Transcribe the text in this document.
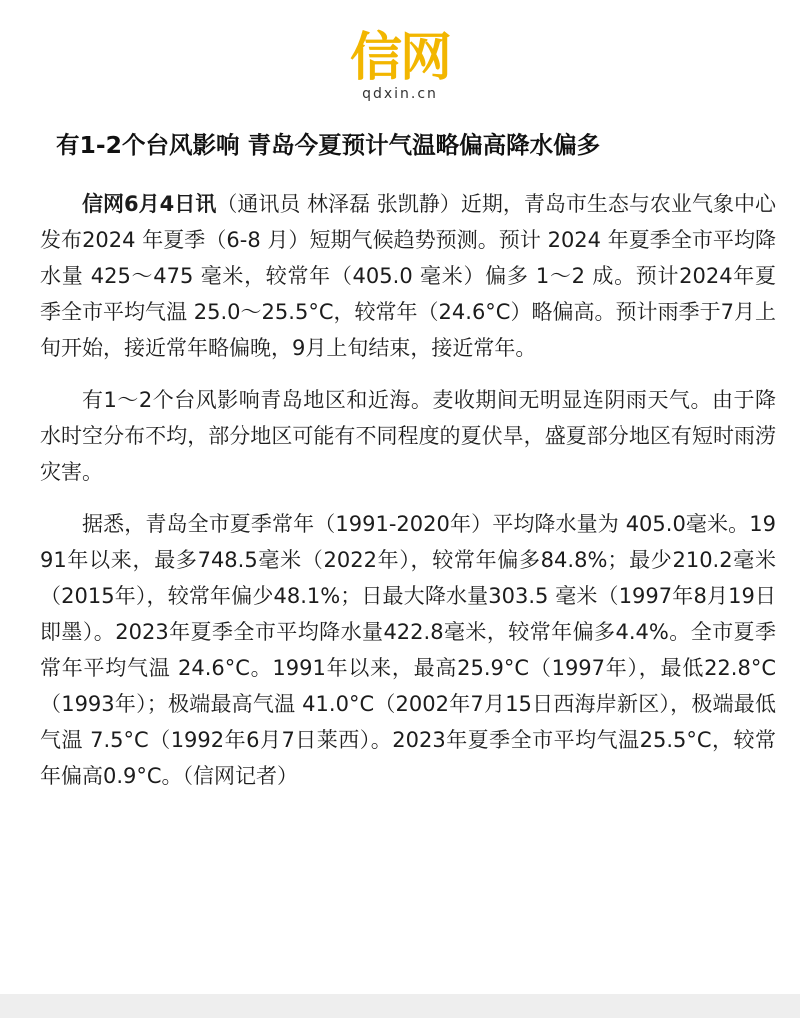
信网
qdxin.cn
有1-2个台风影响 青岛今夏预计气温略偏高降水偏多

信网6月4日讯（通讯员 林泽磊 张凯静）近期，青岛市生态与农业气象中心发布2024 年夏季（6-8 月）短期气候趋势预测。预计 2024 年夏季全市平均降水量 425～475 毫米，较常年（405.0 毫米）偏多 1～2 成。预计2024年夏季全市平均气温 25.0～25.5°C，较常年（24.6°C）略偏高。预计雨季于7月上旬开始，接近常年略偏晚，9月上旬结束，接近常年。

有1～2个台风影响青岛地区和近海。麦收期间无明显连阴雨天气。由于降水时空分布不均，部分地区可能有不同程度的夏伏旱，盛夏部分地区有短时雨涝灾害。

据悉，青岛全市夏季常年（1991-2020年）平均降水量为 405.0毫米。1991年以来，最多748.5毫米（2022年），较常年偏多84.8%；最少210.2毫米（2015年），较常年偏少48.1%；日最大降水量303.5 毫米（1997年8月19日即墨）。2023年夏季全市平均降水量422.8毫米，较常年偏多4.4%。全市夏季常年平均气温 24.6°C。1991年以来，最高25.9°C（1997年），最低22.8°C（1993年）；极端最高气温 41.0°C（2002年7月15日西海岸新区），极端最低气温 7.5°C（1992年6月7日莱西）。2023年夏季全市平均气温25.5°C，较常年偏高0.9°C。（信网记者）
